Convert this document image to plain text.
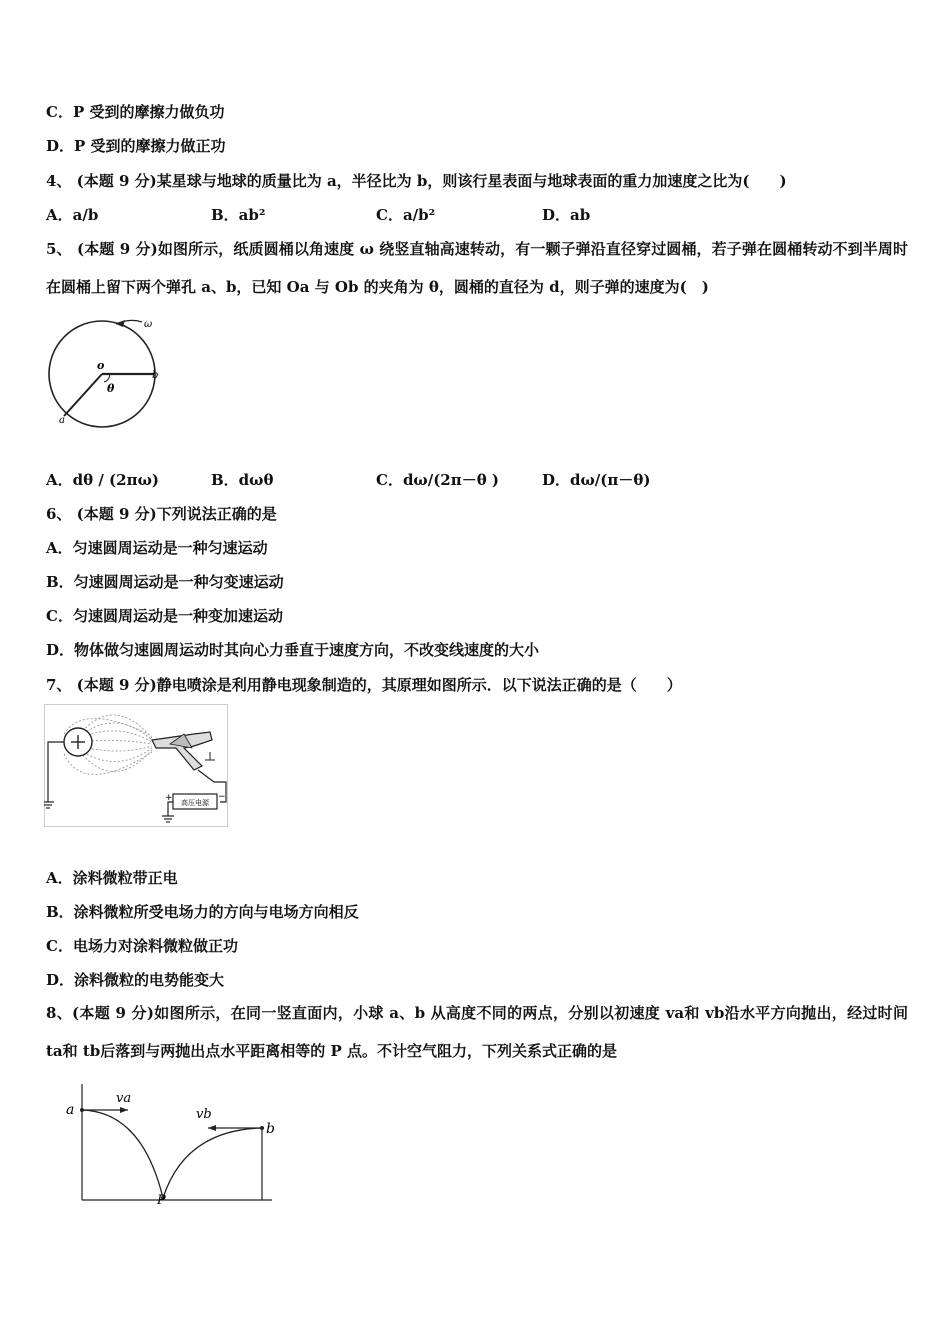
C．P 受到的摩擦力做负功
D．P 受到的摩擦力做正功
4、 (本题 9 分)某星球与地球的质量比为 a，半径比为 b，则该行星表面与地球表面的重力加速度之比为(　　)
A．a/b	B．ab²	C．a/b²	D．ab
5、 (本题 9 分)如图所示，纸质圆桶以角速度 ω 绕竖直轴高速转动，有一颗子弹沿直径穿过圆桶，若子弹在圆桶转动不到半周时在圆桶上留下两个弹孔 a、b，已知 Oa 与 Ob 的夹角为 θ，圆桶的直径为 d，则子弹的速度为(　)
ω
o
θ
a
b
A．dθ / (2πω)	B．dωθ	C．dω/(2π－θ )	D．dω/(π－θ)
6、 (本题 9 分)下列说法正确的是
A．匀速圆周运动是一种匀速运动
B．匀速圆周运动是一种匀变速运动
C．匀速圆周运动是一种变加速运动
D．物体做匀速圆周运动时其向心力垂直于速度方向，不改变线速度的大小
7、 (本题 9 分)静电喷涂是利用静电现象制造的，其原理如图所示．以下说法正确的是（　　）
高压电源
+	−
A．涂料微粒带正电
B．涂料微粒所受电场力的方向与电场方向相反
C．电场力对涂料微粒做正功
D．涂料微粒的电势能变大
8、(本题 9 分)如图所示，在同一竖直面内，小球 a、b 从高度不同的两点，分别以初速度 va和 vb沿水平方向抛出，经过时间 ta和 tb后落到与两抛出点水平距离相等的 P 点。不计空气阻力，下列关系式正确的是
a
b
va
vb
P
